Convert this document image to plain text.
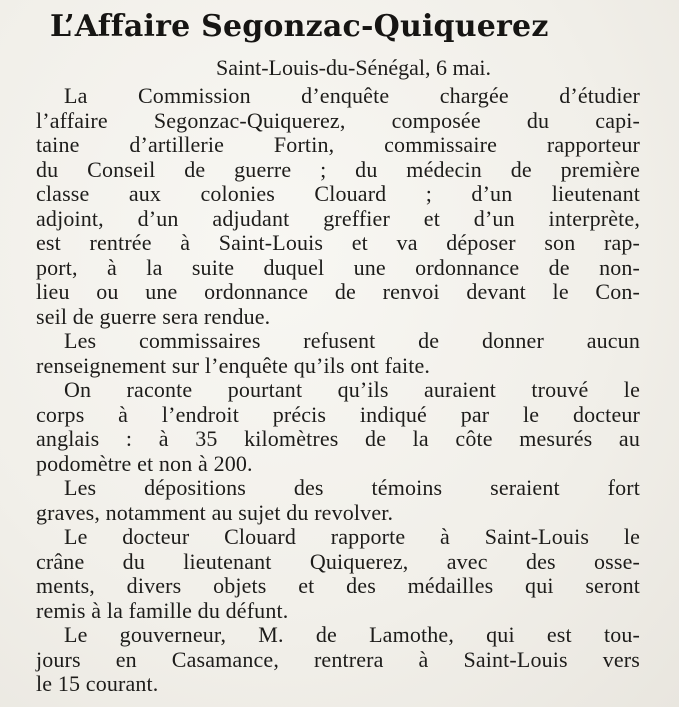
L’Affaire Segonzac-Quiquerez
Saint-Louis-du-Sénégal, 6 mai.

La Commission d’enquête chargée d’étudier
l’affaire Segonzac-Quiquerez, composée du capi-
taine d’artillerie Fortin, commissaire rapporteur
du Conseil de guerre ; du médecin de première
classe aux colonies Clouard ; d’un lieutenant
adjoint, d’un adjudant greffier et d’un interprète,
est rentrée à Saint-Louis et va déposer son rap-
port, à la suite duquel une ordonnance de non-
lieu ou une ordonnance de renvoi devant le Con-
seil de guerre sera rendue.

Les commissaires refusent de donner aucun
renseignement sur l’enquête qu’ils ont faite.

On raconte pourtant qu’ils auraient trouvé le
corps à l’endroit précis indiqué par le docteur
anglais : à 35 kilomètres de la côte mesurés au
podomètre et non à 200.

Les dépositions des témoins seraient fort
graves, notamment au sujet du revolver.

Le docteur Clouard rapporte à Saint-Louis le
crâne du lieutenant Quiquerez, avec des osse-
ments, divers objets et des médailles qui seront
remis à la famille du défunt.

Le gouverneur, M. de Lamothe, qui est tou-
jours en Casamance, rentrera à Saint-Louis vers
le 15 courant.
